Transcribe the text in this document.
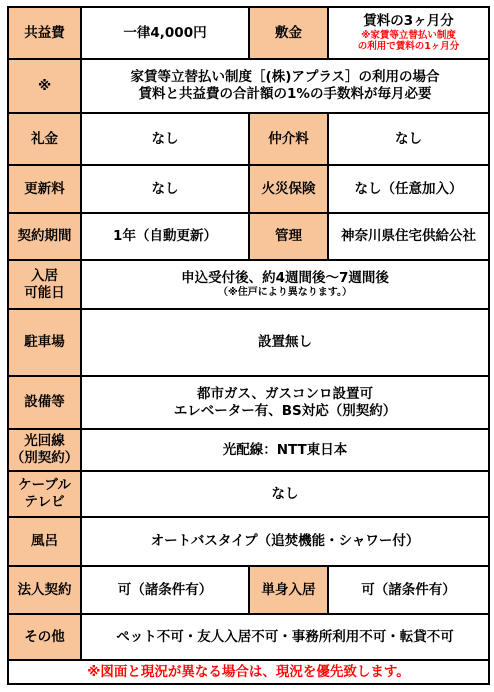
共益費	一律4,000円	敷金	賃料の3ヶ月分
※家賃等立替払い制度
の利用で賃料の1ヶ月分

※	家賃等立替払い制度［(株)アプラス］の利用の場合
賃料と共益費の合計額の1%の手数料が毎月必要		

礼金	なし	仲介料	なし
更新料	なし	火災保険	なし（任意加入）
契約期間	1年（自動更新）	管理	神奈川県住宅供給公社

入居
可能日	申込受付後、約4週間後～7週間後
（※住戸により異なります。）		

駐車場	設置無し		
設備等	都市ガス、ガスコンロ設置可
エレベーター有、BS対応（別契約）		

光回線
（別契約）	光配線：NTT東日本		

ケーブル
テレビ	なし		
風呂	オートバスタイプ（追焚機能・シャワー付）		
法人契約	可（諸条件有）	単身入居	可（諸条件有）
その他	ペット不可・友人入居不可・事務所利用不可・転貸不可		
※図面と現況が異なる場合は、現況を優先致します。			
